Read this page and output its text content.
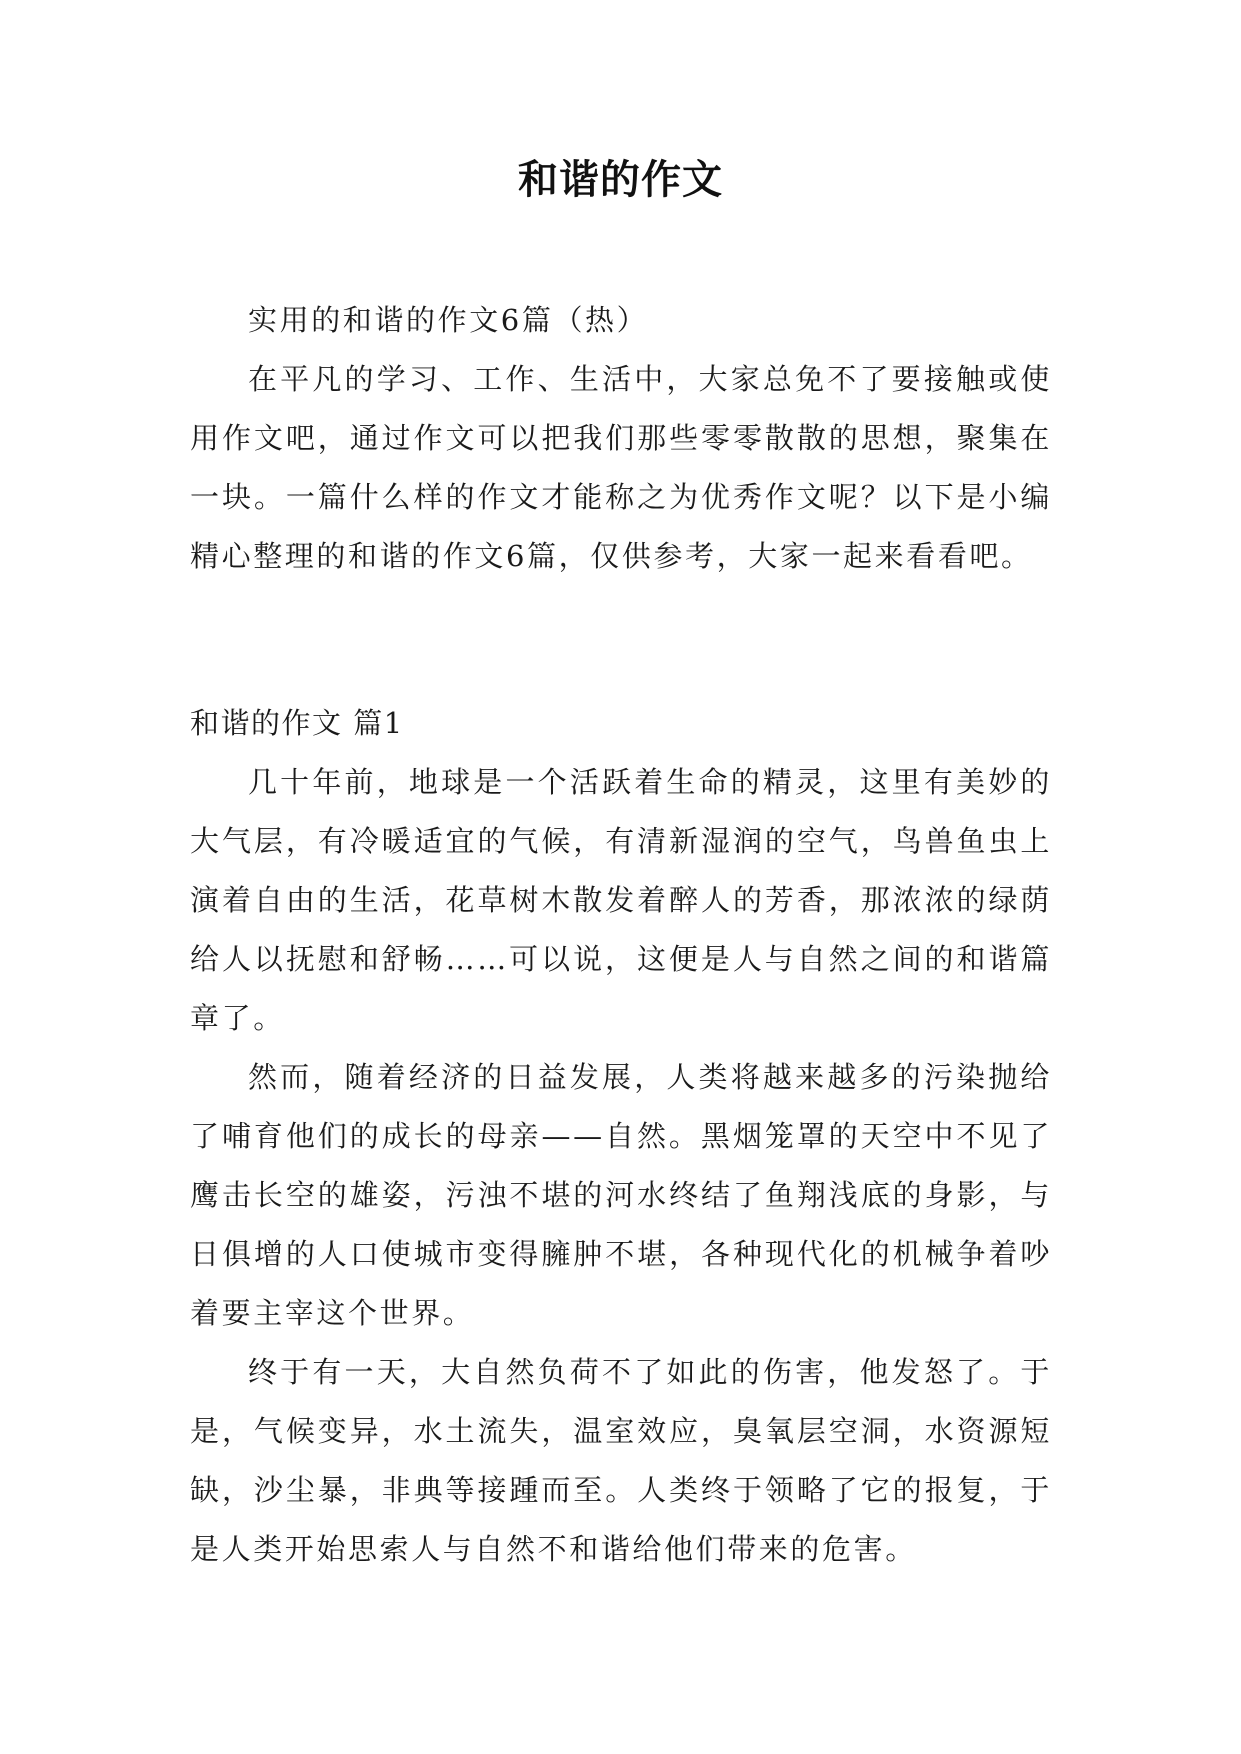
和谐的作文

实用的和谐的作文6篇（热）

在平凡的学习、工作、生活中，大家总免不了要接触或使用作文吧，通过作文可以把我们那些零零散散的思想，聚集在一块。一篇什么样的作文才能称之为优秀作文呢？以下是小编精心整理的和谐的作文6篇，仅供参考，大家一起来看看吧。

和谐的作文 篇1

几十年前，地球是一个活跃着生命的精灵，这里有美妙的大气层，有冷暖适宜的气候，有清新湿润的空气，鸟兽鱼虫上演着自由的生活，花草树木散发着醉人的芳香，那浓浓的绿荫给人以抚慰和舒畅……可以说，这便是人与自然之间的和谐篇章了。

然而，随着经济的日益发展，人类将越来越多的污染抛给了哺育他们的成长的母亲——自然。黑烟笼罩的天空中不见了鹰击长空的雄姿，污浊不堪的河水终结了鱼翔浅底的身影，与日俱增的人口使城市变得臃肿不堪，各种现代化的机械争着吵着要主宰这个世界。

终于有一天，大自然负荷不了如此的伤害，他发怒了。于是，气候变异，水土流失，温室效应，臭氧层空洞，水资源短缺，沙尘暴，非典等接踵而至。人类终于领略了它的报复，于是人类开始思索人与自然不和谐给他们带来的危害。
